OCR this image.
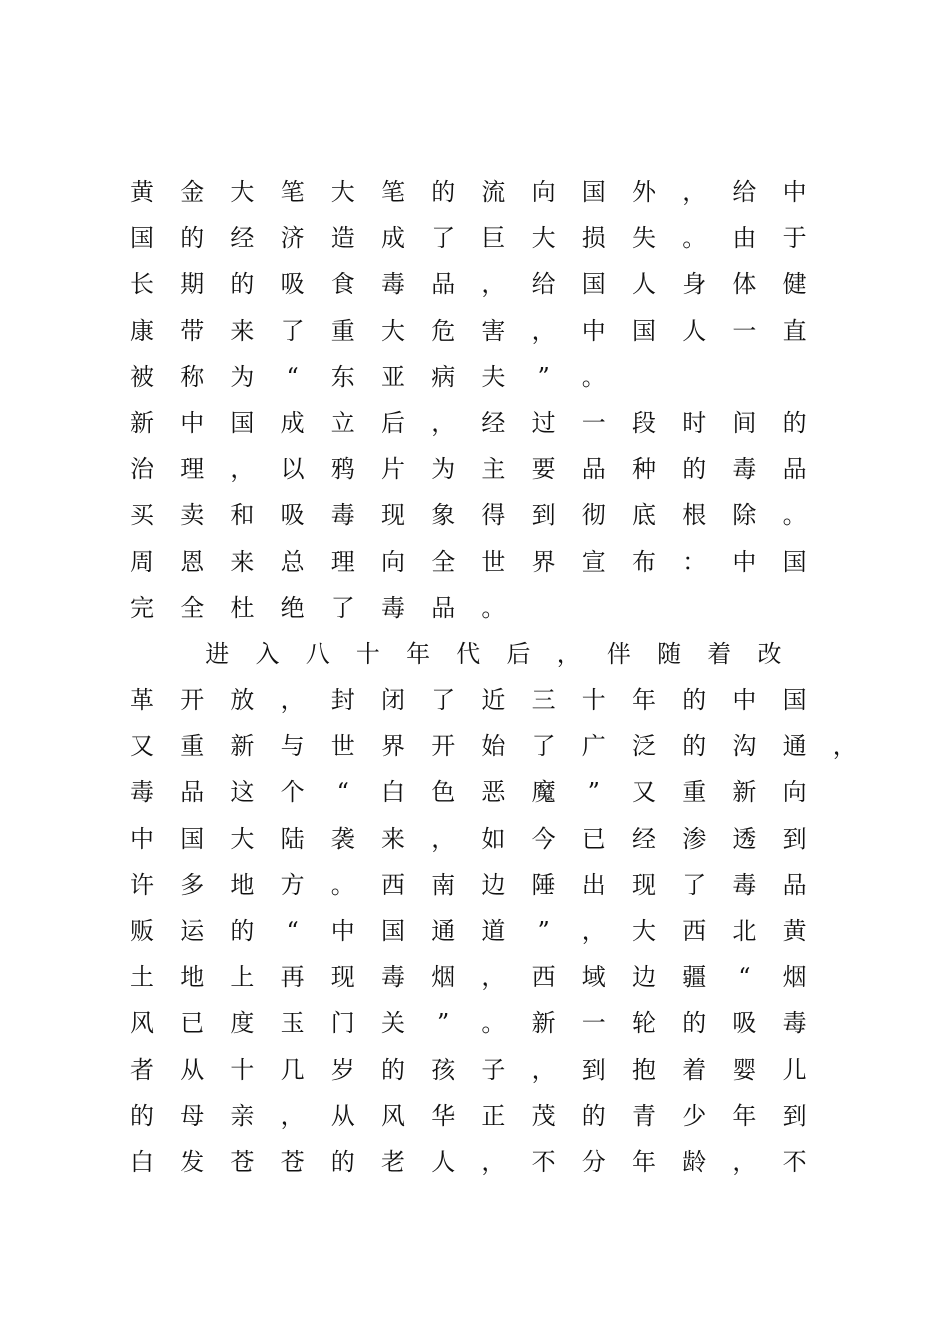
黄 金 大 笔 大 笔 的 流 向 国 外 ， 给 中
国 的 经 济 造 成 了 巨 大 损 失 。 由 于
长 期 的 吸 食 毒 品 ， 给 国 人 身 体 健
康 带 来 了 重 大 危 害 ， 中 国 人 一 直
被 称 为 “ 东 亚 病 夫 ” 。
新 中 国 成 立 后 ， 经 过 一 段 时 间 的
治 理 ， 以 鸦 片 为 主 要 品 种 的 毒 品
买 卖 和 吸 毒 现 象 得 到 彻 底 根 除 。
周 恩 来 总 理 向 全 世 界 宣 布 ： 中 国
完 全 杜 绝 了 毒 品 。
进 入 八 十 年 代 后 ， 伴 随 着 改
革 开 放 ， 封 闭 了 近 三 十 年 的 中 国
又 重 新 与 世 界 开 始 了 广 泛 的 沟 通 ，
毒 品 这 个 “ 白 色 恶 魔 ” 又 重 新 向
中 国 大 陆 袭 来 ， 如 今 已 经 渗 透 到
许 多 地 方 。 西 南 边 陲 出 现 了 毒 品
贩 运 的 “ 中 国 通 道 ” ， 大 西 北 黄
土 地 上 再 现 毒 烟 ， 西 域 边 疆 “ 烟
风 已 度 玉 门 关 ” 。 新 一 轮 的 吸 毒
者 从 十 几 岁 的 孩 子 ， 到 抱 着 婴 儿
的 母 亲 ， 从 风 华 正 茂 的 青 少 年 到
白 发 苍 苍 的 老 人 ， 不 分 年 龄 ， 不
